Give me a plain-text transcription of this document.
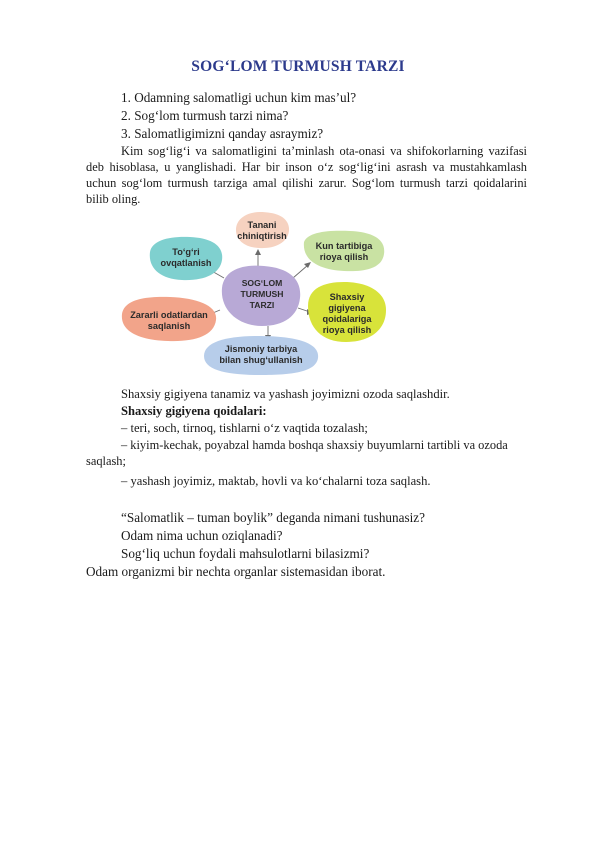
SOG‘LOM TURMUSH TARZI
1. Odamning salomatligi uchun kim mas’ul?
2. Sog‘lom turmush tarzi nima?
3. Salomatligimizni qanday asraymiz?
Kim sog‘lig‘i va salomatligini ta’minlash ota-onasi va shifokorlarning vazifasi deb hisoblasa, u yanglishadi. Har bir inson o‘z sog‘lig‘ini asrash va mustahkamlash uchun sog‘lom turmush tarziga amal qilishi zarur. Sog‘lom turmush tarzi qoidalarini bilib oling.
Tanani
chiniqtirish
To‘g‘ri
ovqatlanish
Kun tartibiga
rioya qilish
SOG‘LOM
TURMUSH
TARZI
Zararli odatlardan
saqlanish
Shaxsiy
gigiyena
qoidalariga
rioya qilish
Jismoniy tarbiya
bilan shug‘ullanish
Shaxsiy gigiyena tanamiz va yashash joyimizni ozoda saqlashdir.
Shaxsiy gigiyena qoidalari:
– teri, soch, tirnoq, tishlarni o‘z vaqtida tozalash;
– kiyim-kechak, poyabzal hamda boshqa shaxsiy buyumlarni tartibli va ozoda saqlash;
– yashash joyimiz, maktab, hovli va ko‘chalarni toza saqlash.
“Salomatlik – tuman boylik” deganda nimani tushunasiz?
Odam nima uchun oziqlanadi?
Sog‘liq uchun foydali mahsulotlarni bilasizmi?
Odam organizmi bir nechta organlar sistemasidan iborat.
